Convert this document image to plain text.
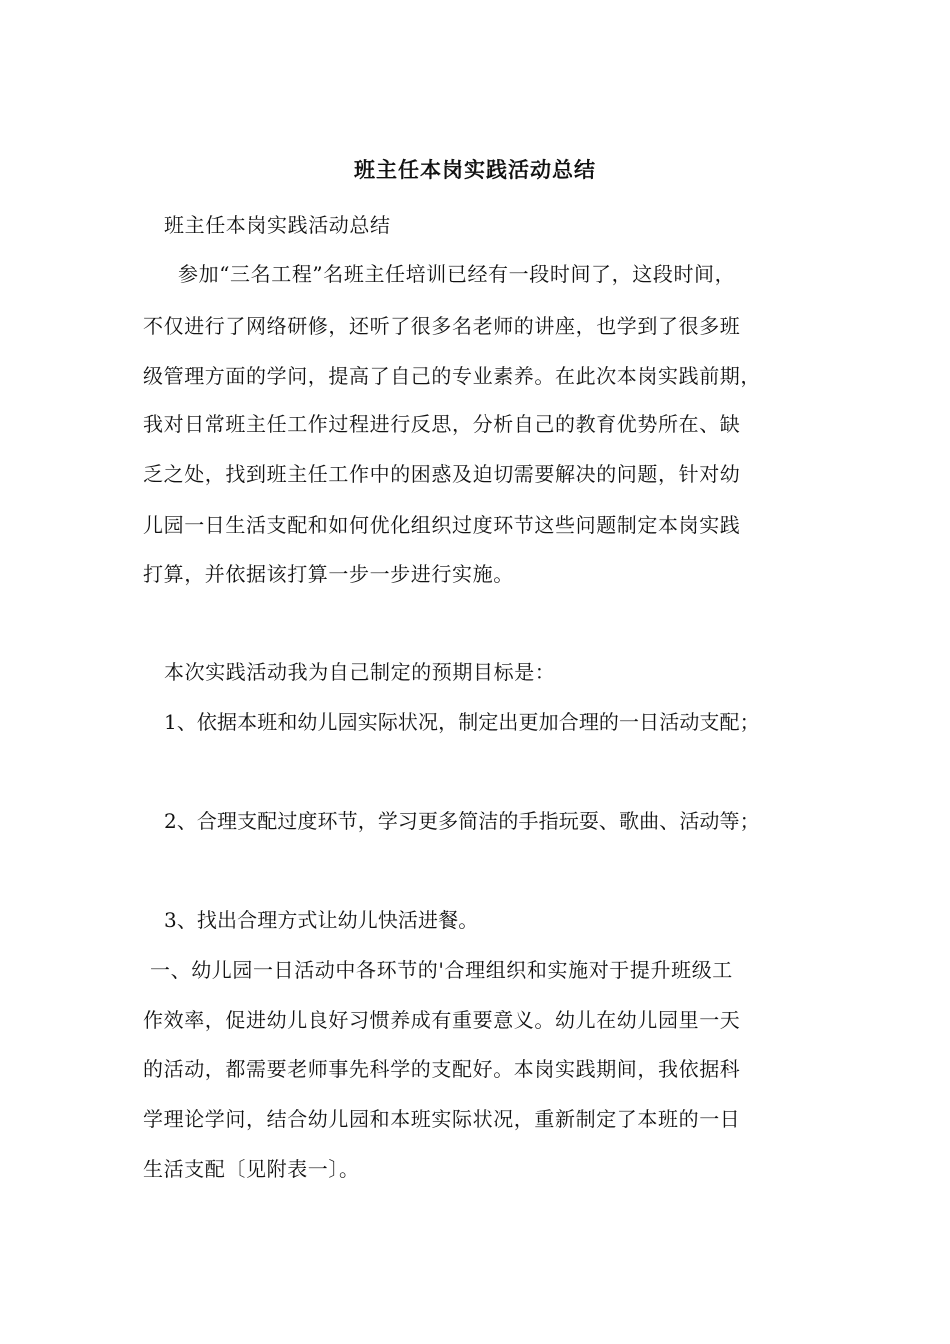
班主任本岗实践活动总结
班主任本岗实践活动总结
参加“三名工程”名班主任培训已经有一段时间了，这段时间，
不仅进行了网络研修，还听了很多名老师的讲座，也学到了很多班
级管理方面的学问，提高了自己的专业素养。在此次本岗实践前期，
我对日常班主任工作过程进行反思，分析自己的教育优势所在、缺
乏之处，找到班主任工作中的困惑及迫切需要解决的问题，针对幼
儿园一日生活支配和如何优化组织过度环节这些问题制定本岗实践
打算，并依据该打算一步一步进行实施。
本次实践活动我为自己制定的预期目标是：
1、依据本班和幼儿园实际状况，制定出更加合理的一日活动支配；
2、合理支配过度环节，学习更多简洁的手指玩耍、歌曲、活动等；
3、找出合理方式让幼儿快活进餐。
一、幼儿园一日活动中各环节的'合理组织和实施对于提升班级工
作效率，促进幼儿良好习惯养成有重要意义。幼儿在幼儿园里一天
的活动，都需要老师事先科学的支配好。本岗实践期间，我依据科
学理论学问，结合幼儿园和本班实际状况，重新制定了本班的一日
生活支配〔见附表一〕。
